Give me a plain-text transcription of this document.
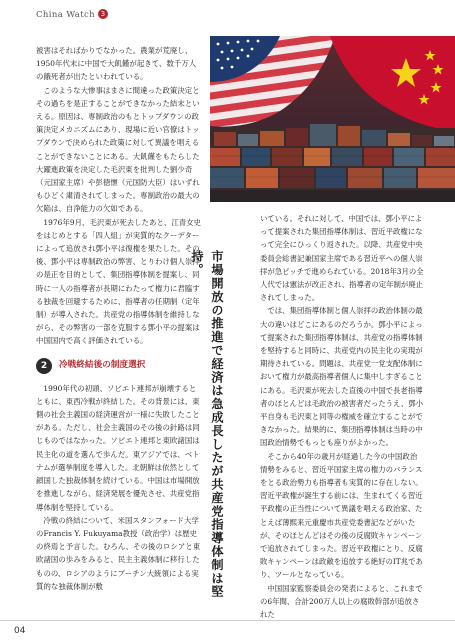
China Watch 3

被害はそればかりでなかった。農業が荒廃し、1950年代末に中国で大飢饉が起きて、数千万人の餓死者が出たといわれている。

このような大惨事はまさに間違った政策決定とその過ちを是正することができなかった結末といえる。原因は、専制政治のもとトップダウンの政策決定メカニズムにあり、現場に近い官僚はトップダウンで決められた政策に対して異議を唱えることができないことにある。大飢饉をもたらした大躍進政策を決定した毛沢東を批判した劉少奇（元国家主席）や彭徳懐（元国防大臣）はいずれもひどく粛清されてしまった。専制政治の最大の欠陥は、自浄能力の欠如である。

1976年9月、毛沢東が死去したあと、江青女史をはじめとする「四人組」が実質的なクーデターによって追放され鄧小平は復権を果たした。その後、鄧小平は専制政治の弊害、とりわけ個人崇拝の是正を目的として、集団指導体制を提案し、同時に一人の指導者が長期にわたって権力に君臨する独裁を回避するために、指導者の任期制（定年制）が導入された。共産党の指導体制を維持しながら、その弊害の一部を克服する鄧小平の提案は中国国内で高く評価されている。

2	冷戦終結後の制度選択

1990年代の初頭、ソビエト連邦が崩壊するとともに、東西冷戦が終結した。その背景には、東側の社会主義国の経済運営が一様に失敗したことがある。ただし、社会主義国のその後の針路は同じものではなかった。ソビエト連邦と東欧諸国は民主化の道を選んで歩んだ。東アジアでは、ベトナムが選挙制度を導入した。北朝鮮は依然として鎖国した独裁体制を続けている。中国は市場開放を推進しながら、経済発展を優先させ、共産党指導体制を堅持している。

冷戦の終結について、米国スタンフォード大学のFrancis Y. Fukuyama教授（政治学）は歴史の終焉と予言した。むろん、その後のロシアと東欧諸国の歩みをみると、民主主義体制に移行したものの、ロシアのようにプーチン大統領による実質的な独裁体制が敷	市場開放の推進で経済は急成長したが共産党指導体制は堅持。

いている。それに対して、中国では、鄧小平によって提案された集団指導体制は、習近平政権になって完全にひっくり返された。以降、共産党中央委員会総書記兼国家主席である習近平への個人崇拝が急ピッチで進められている。2018年3月の全人代では憲法が改正され、指導者の定年制が廃止されてしまった。

では、集団指導体制と個人崇拝の政治体制の最大の違いはどこにあるのだろうか。鄧小平によって提案された集団指導体制は、共産党の指導体制を堅持すると同時に、共産党内の民主化の実現が期待されている。問題は、共産党一党支配体制において権力が最高指導者個人に集中しすぎることにある。毛沢東が死去した直後の中国で長老指導者のほとんどは毛政治の被害者だったうえ、鄧小平自身も毛沢東と同等の権威を確立することができなかった。結果的に、集団指導体制は当時の中国政治情勢でもっとも座りがよかった。

そこから40年の歳月が経過した今の中国政治情勢をみると、習近平国家主席の権力のバランスをとる政治勢力も指導者も実質的に存在しない。習近平政権が誕生する前には、生まれてくる習近平政権の正当性について異議を唱える政治家、たとえば薄熙来元重慶市共産党委書記などがいたが、そのほとんどはその後の反腐敗キャンペーンで追放されてしまった。習近平政権にとり、反腐敗キャンペーンは政敵を追放する絶好のIT兆であり、ツールとなっている。

中国国家監察委員会の発表によると、これまでの6年間、合計200万人以上の腐敗幹部が追放された

04
